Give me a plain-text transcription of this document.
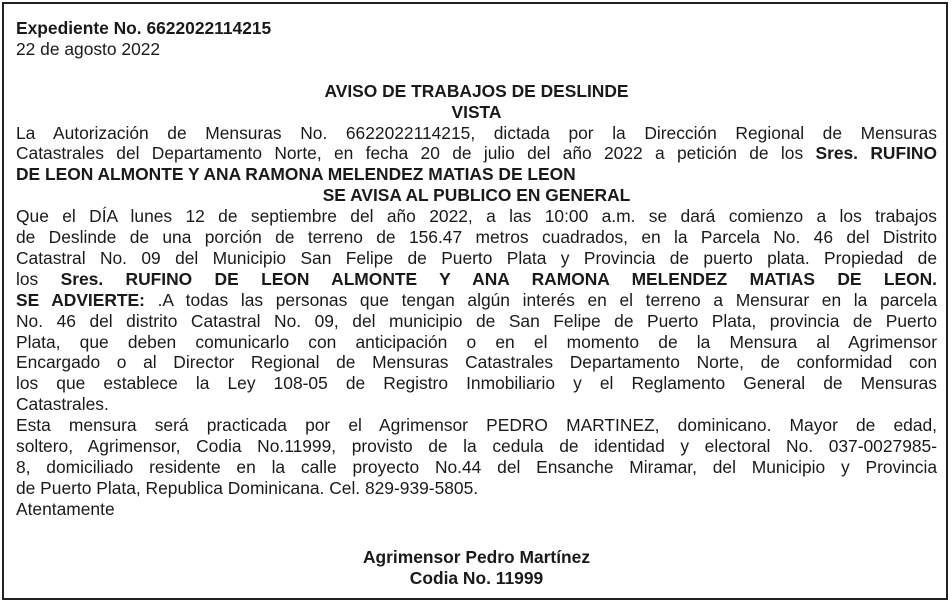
Expediente No. 6622022114215
22 de agosto 2022
AVISO DE TRABAJOS DE DESLINDE
VISTA
La Autorización de Mensuras No. 6622022114215, dictada por la Dirección Regional de Mensuras
Catastrales del Departamento Norte, en fecha 20 de julio del año 2022 a petición de los Sres. RUFINO
DE LEON ALMONTE Y ANA RAMONA MELENDEZ MATIAS DE LEON
SE AVISA AL PUBLICO EN GENERAL
Que el DÍA lunes 12 de septiembre del año 2022, a las 10:00 a.m. se dará comienzo a los trabajos
de Deslinde de una porción de terreno de 156.47 metros cuadrados, en la Parcela No. 46 del Distrito
Catastral No. 09 del Municipio San Felipe de Puerto Plata y Provincia de puerto plata. Propiedad de
los Sres. RUFINO DE LEON ALMONTE Y ANA RAMONA MELENDEZ MATIAS DE LEON.
SE ADVIERTE: .A todas las personas que tengan algún interés en el terreno a Mensurar en la parcela
No. 46 del distrito Catastral No. 09, del municipio de San Felipe de Puerto Plata, provincia de Puerto
Plata, que deben comunicarlo con anticipación o en el momento de la Mensura al Agrimensor
Encargado o al Director Regional de Mensuras Catastrales Departamento Norte, de conformidad con
los que establece la Ley 108-05 de Registro Inmobiliario y el Reglamento General de Mensuras
Catastrales.
Esta mensura será practicada por el Agrimensor PEDRO MARTINEZ, dominicano. Mayor de edad,
soltero, Agrimensor, Codia No.11999, provisto de la cedula de identidad y electoral No. 037-0027985-
8, domiciliado residente en la calle proyecto No.44 del Ensanche Miramar, del Municipio y Provincia
de Puerto Plata, Republica Dominicana. Cel. 829-939-5805.
Atentamente
Agrimensor Pedro Martínez
Codia No. 11999
